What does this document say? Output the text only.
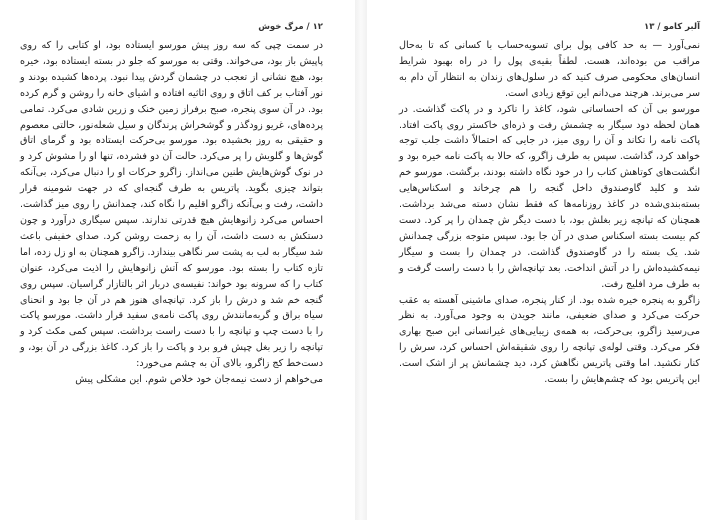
۱۲ / مرگ خوش

در سمت چپی که سه روز پیش مورسو ایستاده بود، او کتابی را که روی پاپیش باز بود، می‌خواند. وقتی به مورسو که جلو در بسته ایستاده بود، خیره بود، هیچ نشانی از تعجب در چشمان گردش پیدا نبود. پرده‌ها کشیده بودند و نور آفتاب بر کف اتاق و روی اثاثیه افتاده و اشیای خانه را روشن و گرم کرده بود. در آن سوی پنجره، صبح برفراز زمین خنک و زرین شادی می‌کرد. تمامی پرده‌های، غریو زودگذر و گوشخراش پرندگان و سیل شعله‌نور، حالتی معصوم و حقیقی به روز بخشیده بود. مورسو بی‌حرکت ایستاده بود و گرمای اتاق گوش‌ها و گلویش را پر می‌کرد. حالت آن دو فشرده، تنها او را مشوش کرد و در نوک گوش‌هایش طنین می‌انداز. زاگرو حرکات او را دنبال می‌کرد، بی‌آنکه بتواند چیزی بگوید. پاتریس به طرف گنجه‌ای که در جهت شومینه قرار داشت، رفت و بی‌آنکه زاگرو اقلیم را نگاه کند، چمدانش را روی میز گذاشت. احساس می‌کرد زانوهایش هیچ قدرتی ندارند. سپس سیگاری درآورد و چون دستکش به دست داشت، آن را به زحمت روشن کرد. صدای خفیفی باعث شد سیگار به لب به پشت سر نگاهی بیندازد. زاگرو همچنان به او زل زده، اما تازه کتاب را بسته بود. مورسو که آتش زانوهایش را اذیت می‌کرد، عنوان کتاب را که سرونه بود خواند: نفیسه‌ی دربار اثر بالتازار گراسیان. سپس روی گنجه خم شد و درش را باز کرد. تپانچه‌ای هنوز هم در آن جا بود و انحنای سیاه براق و گربه‌مانندش روی پاکت نامه‌ی سفید قرار داشت. مورسو پاکت را با دست چپ و تپانچه را با دست راست برداشت. سپس کمی مکث کرد و تپانچه را زیر بغل چپش فرو برد و پاکت را باز کرد. کاغذ بزرگی در آن بود، و دست‌خط کج زاگرو، بالای آن به چشم می‌خورد:

می‌خواهم از دست نیمه‌جان خود خلاص شوم. این مشکلی پیش

آلبر کامو / ۱۳

نمی‌آورد — به حد کافی پول برای تسویه‌حساب با کسانی که تا به‌حال مراقب من بوده‌اند، هست. لطفاً بقیه‌ی پول را در راه بهبود شرایط انسان‌های محکومی صرف کنید که در سلول‌های زندان به انتظار آن دام به سر می‌برند. هرچند می‌دانم این توقع زیادی است.

مورسو بی آن که احساساتی شود، کاغذ را تاکرد و در پاکت گذاشت. در همان لحظه دود سیگار به چشمش رفت و ذره‌ای خاکستر روی پاکت افتاد. پاکت نامه را تکاند و آن را روی میز، در جایی که احتمالاً داشت جلب توجه خواهد کرد، گذاشت. سپس به طرف زاگرو، که حالا به پاکت نامه خیره بود و انگشت‌های کوتاهش کتاب را در خود نگاه داشته بودند، برگشت. مورسو خم شد و کلید گاوصندوق داخل گنجه را هم چرخاند و اسکناس‌هایی بسته‌بندی‌شده در کاغذ روزنامه‌ها که فقط نشان دسته می‌شد برداشت. همچنان که تپانچه زیر بغلش بود، با دست دیگر ش چمدان را پر کرد. دست کم بیست بسته اسکناس صدی در آن جا بود. سپس متوجه بزرگی چمدانش شد. یک بسته را در گاوصندوق گذاشت. در چمدان را بست و سیگار نیمه‌کشیده‌اش را در آتش انداخت. بعد تپانچه‌اش را با دست راست گرفت و به طرف مرد افلیج رفت.

زاگرو به پنجره خیره شده بود. از کنار پنجره، صدای ماشینی آهسته به عقب حرکت می‌کرد و صدای ضعیفی، مانند جویدن به وجود می‌آورد. به نظر می‌رسید زاگرو، بی‌حرکت، به همه‌ی زیبایی‌های غیرانسانی این صبح بهاری فکر می‌کرد. وقتی لوله‌ی تپانچه را روی شقیقه‌اش احساس کرد، سرش را کنار نکشید. اما وقتی پاتریس نگاهش کرد، دید چشمانش پر از اشک است. این پاتریس بود که چشم‌هایش را بست.
